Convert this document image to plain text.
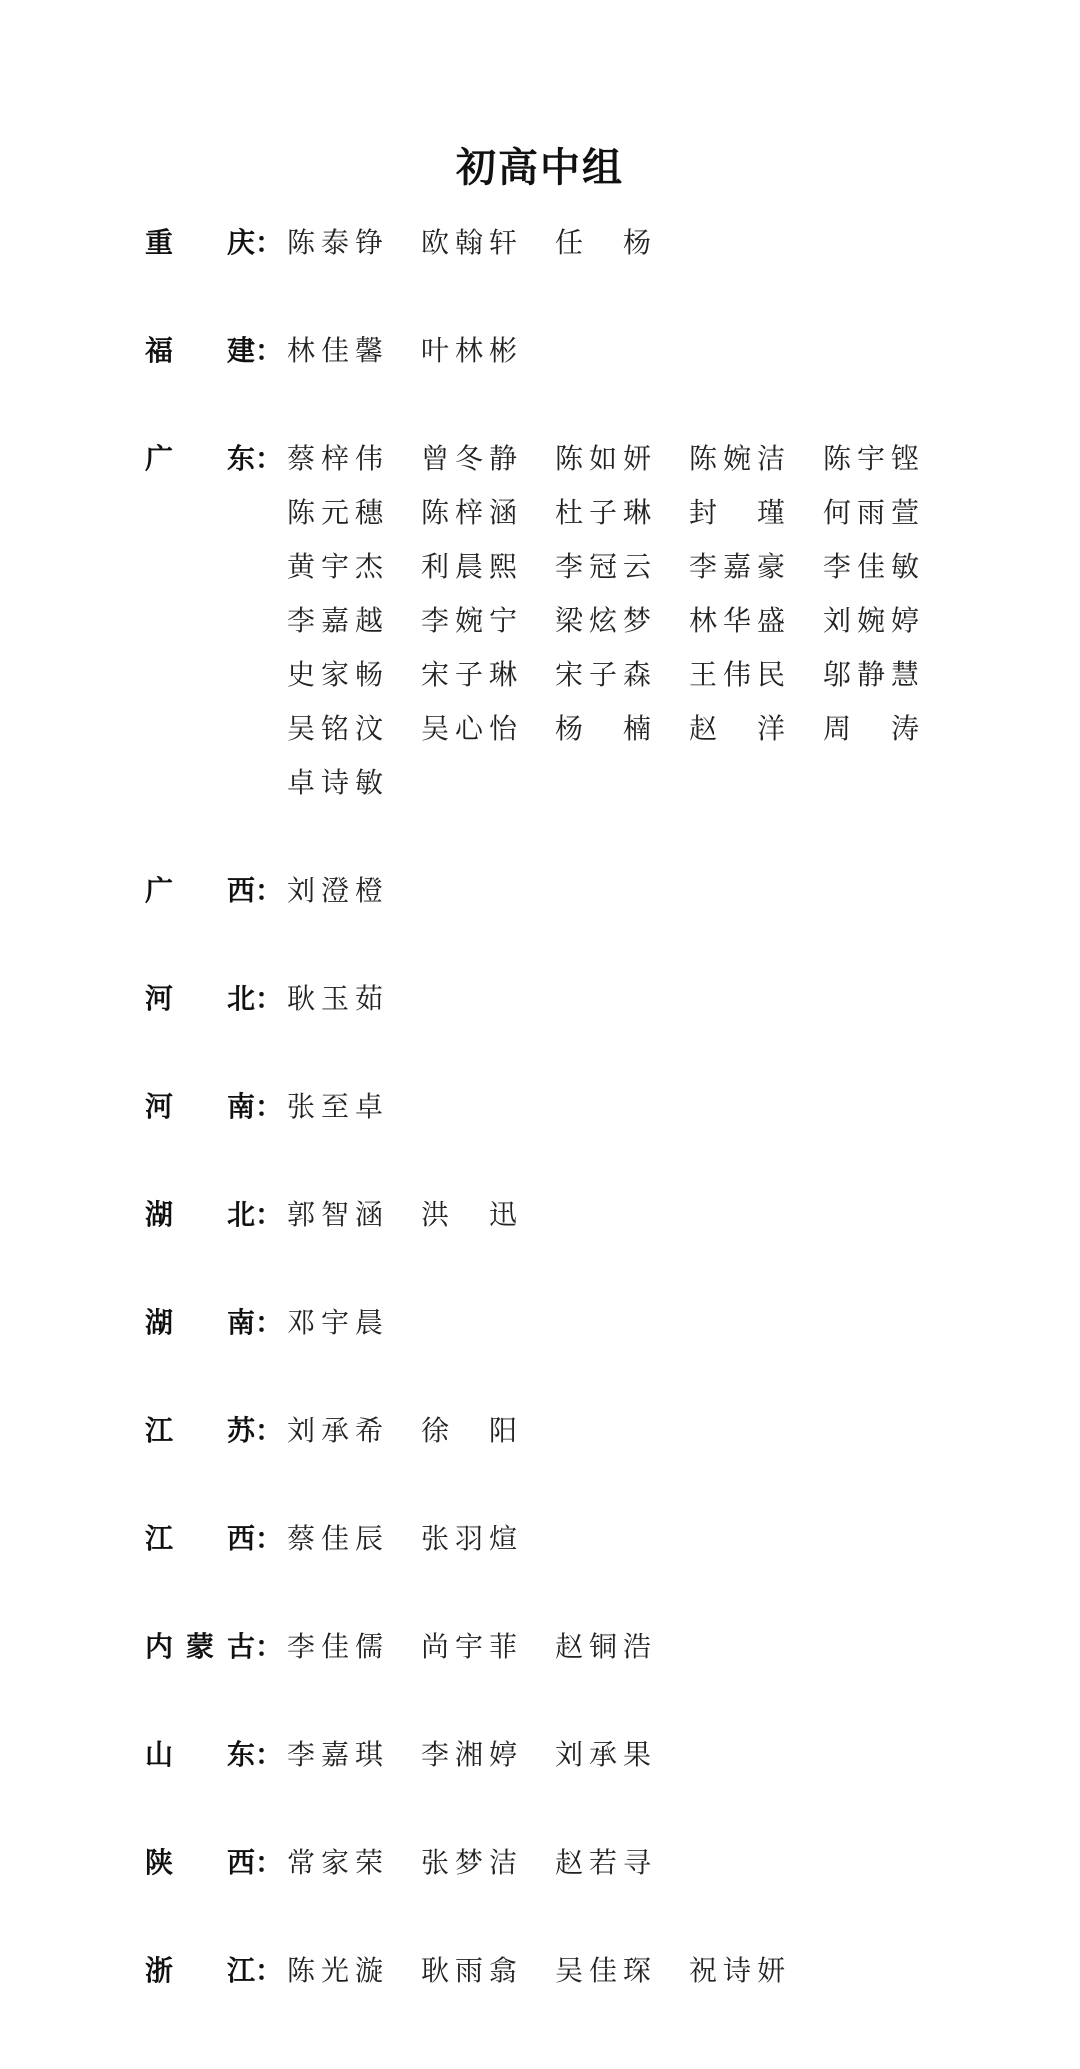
初高中组
重　庆 ： 陈泰铮 欧翰轩 任 杨
福　建 ： 林佳馨 叶林彬
广　东 ： 蔡梓伟 曾冬静 陈如妍 陈婉洁 陈宇铿
陈元穗 陈梓涵 杜子琳 封 瑾 何雨萱
黄宇杰 利晨熙 李冠云 李嘉豪 李佳敏
李嘉越 李婉宁 梁炫梦 林华盛 刘婉婷
史家畅 宋子琳 宋子森 王伟民 邬静慧
吴铭汶 吴心怡 杨 楠 赵 洋 周 涛
卓诗敏
广　西 ： 刘澄橙
河　北 ： 耿玉茹
河　南 ： 张至卓
湖　北 ： 郭智涵 洪 迅
湖　南 ： 邓宇晨
江　苏 ： 刘承希 徐 阳
江　西 ： 蔡佳辰 张羽煊
内蒙古 ： 李佳儒 尚宇菲 赵铜浩
山　东 ： 李嘉琪 李湘婷 刘承果
陕　西 ： 常家荣 张梦洁 赵若寻
浙　江 ： 陈光漩 耿雨翕 吴佳琛 祝诗妍
